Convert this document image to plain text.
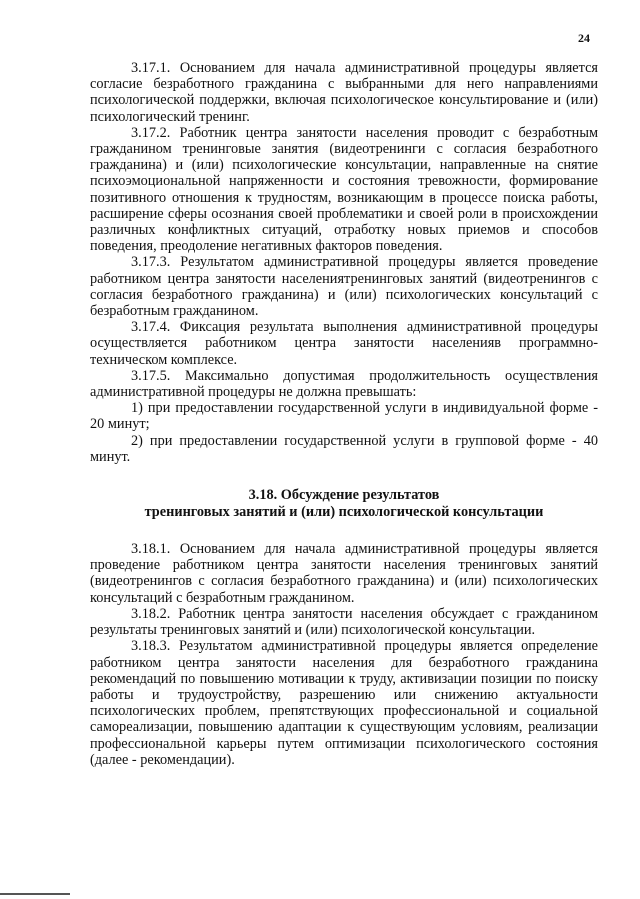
24

3.17.1. Основанием для начала административной процедуры является согласие безработного гражданина с выбранными для него направлениями психологической поддержки, включая психологическое консультирование и (или) психологический тренинг.

3.17.2. Работник центра занятости населения проводит с безработным гражданином тренинговые занятия (видеотренинги с согласия безработного гражданина) и (или) психологические консультации, направленные на снятие психоэмоциональной напряженности и состояния тревожности, формирование позитивного отношения к трудностям, возникающим в процессе поиска работы, расширение сферы осознания своей проблематики и своей роли в происхождении различных конфликтных ситуаций, отработку новых приемов и способов поведения, преодоление негативных факторов поведения.

3.17.3. Результатом административной процедуры является проведение работником центра занятости населениятренинговых занятий (видеотренингов с согласия безработного гражданина) и (или) психологических консультаций с безработным гражданином.

3.17.4. Фиксация результата выполнения административной процедуры осуществляется работником центра занятости населенияв программно-техническом комплексе.

3.17.5. Максимально допустимая продолжительность осуществления административной процедуры не должна превышать:

1) при предоставлении государственной услуги в индивидуальной форме - 20 минут;

2) при предоставлении государственной услуги в групповой форме - 40 минут.

3.18. Обсуждение результатов
тренинговых занятий и (или) психологической консультации

3.18.1. Основанием для начала административной процедуры является проведение работником центра занятости населения тренинговых занятий (видеотренингов с согласия безработного гражданина) и (или) психологических консультаций с безработным гражданином.

3.18.2. Работник центра занятости населения обсуждает с гражданином результаты тренинговых занятий и (или) психологической консультации.

3.18.3. Результатом административной процедуры является определение работником центра занятости населения для безработного гражданина рекомендаций по повышению мотивации к труду, активизации позиции по поиску работы и трудоустройству, разрешению или снижению актуальности психологических проблем, препятствующих профессиональной и социальной самореализации, повышению адаптации к существующим условиям, реализации профессиональной карьеры путем оптимизации психологического состояния (далее - рекомендации).
